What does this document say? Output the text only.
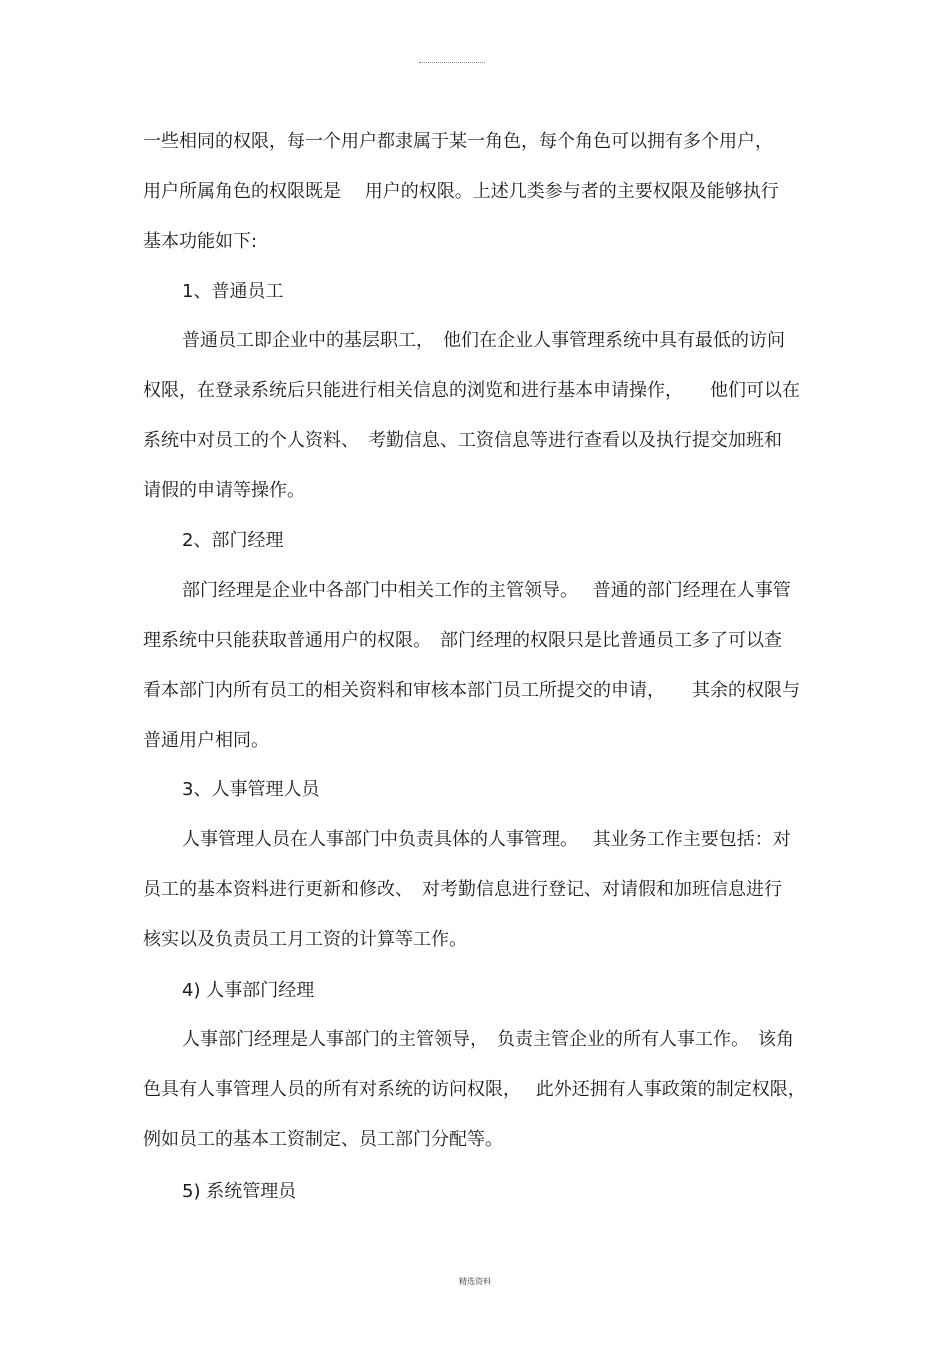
一些相同的权限，每一个用户都隶属于某一角色，每个角色可以拥有多个用户，
用户所属角色的权限既是　 用户的权限。上述几类参与者的主要权限及能够执行
基本功能如下:
1、普通员工
普通员工即企业中的基层职工，　他们在企业人事管理系统中具有最低的访问
权限，在登录系统后只能进行相关信息的浏览和进行基本申请操作，　　他们可以在
系统中对员工的个人资料、　考勤信息、工资信息等进行查看以及执行提交加班和
请假的申请等操作。
2、部门经理
部门经理是企业中各部门中相关工作的主管领导。　 普通的部门经理在人事管
理系统中只能获取普通用户的权限。　部门经理的权限只是比普通员工多了可以查
看本部门内所有员工的相关资料和审核本部门员工所提交的申请，　　其余的权限与
普通用户相同。
3、人事管理人员
人事管理人员在人事部门中负责具体的人事管理。　 其业务工作主要包括：对
员工的基本资料进行更新和修改、　对考勤信息进行登记、对请假和加班信息进行
核实以及负责员工月工资的计算等工作。
4) 人事部门经理
人事部门经理是人事部门的主管领导，　负责主管企业的所有人事工作。　该角
色具有人事管理人员的所有对系统的访问权限，　 此外还拥有人事政策的制定权限，
例如员工的基本工资制定、员工部门分配等。
5) 系统管理员
精选资料
